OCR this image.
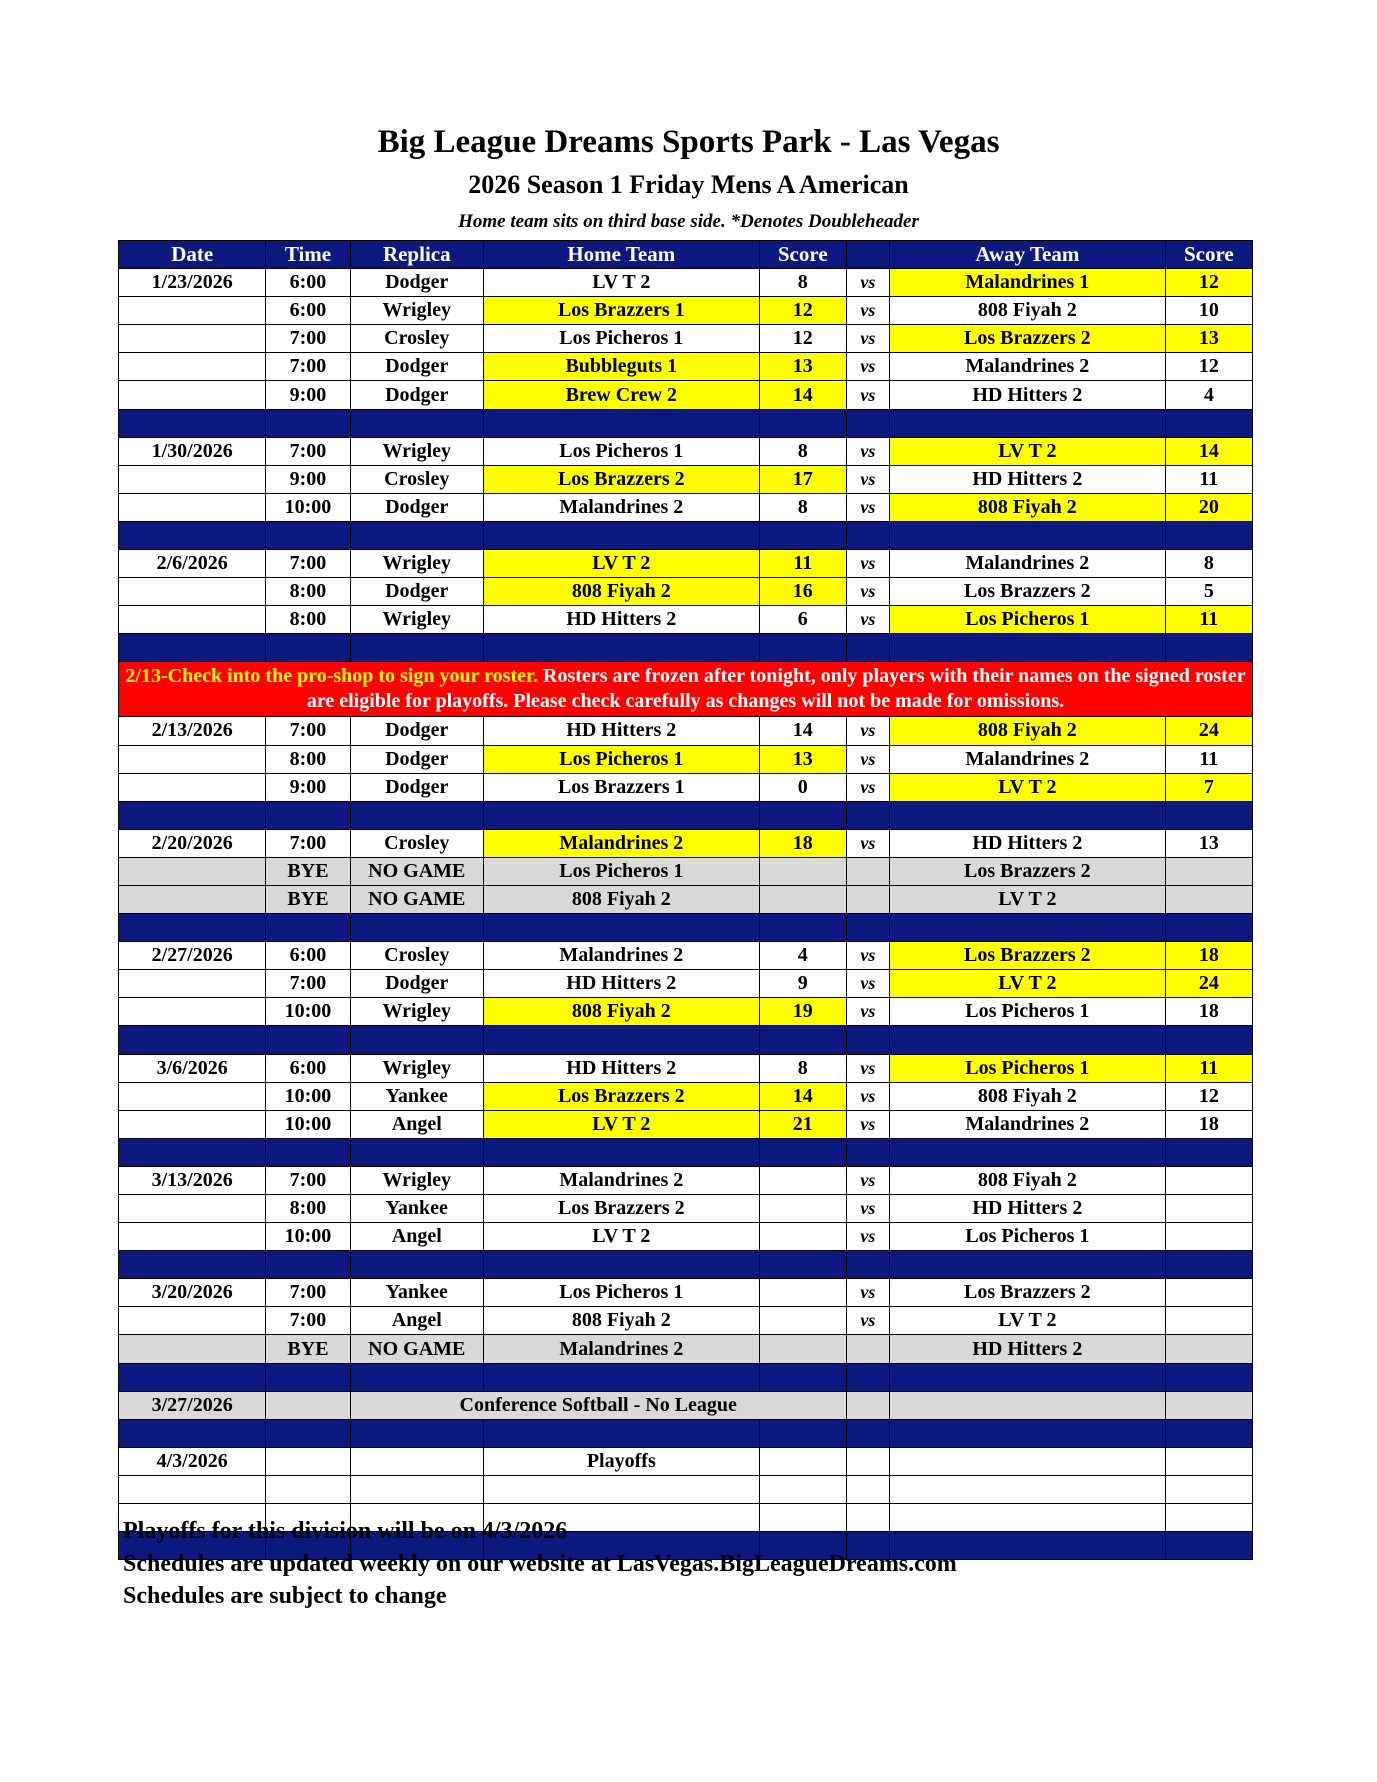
Big League Dreams Sports Park - Las Vegas
2026 Season 1 Friday Mens A American
Home team sits on third base side. *Denotes Doubleheader
Date	Time	Replica	Home Team	Score		Away Team	Score
1/23/2026	6:00	Dodger	LV T 2	8	vs	Malandrines 1	12
	6:00	Wrigley	Los Brazzers 1	12	vs	808 Fiyah 2	10
	7:00	Crosley	Los Picheros 1	12	vs	Los Brazzers 2	13
	7:00	Dodger	Bubbleguts 1	13	vs	Malandrines 2	12
	9:00	Dodger	Brew Crew 2	14	vs	HD Hitters 2	4

1/30/2026	7:00	Wrigley	Los Picheros 1	8	vs	LV T 2	14
	9:00	Crosley	Los Brazzers 2	17	vs	HD Hitters 2	11
	10:00	Dodger	Malandrines 2	8	vs	808 Fiyah 2	20

2/6/2026	7:00	Wrigley	LV T 2	11	vs	Malandrines 2	8
	8:00	Dodger	808 Fiyah 2	16	vs	Los Brazzers 2	5
	8:00	Wrigley	HD Hitters 2	6	vs	Los Picheros 1	11

2/13-Check into the pro-shop to sign your roster. Rosters are frozen after tonight, only players with their names on the signed roster are eligible for playoffs. Please check carefully as changes will not be made for omissions.							
2/13/2026	7:00	Dodger	HD Hitters 2	14	vs	808 Fiyah 2	24
	8:00	Dodger	Los Picheros 1	13	vs	Malandrines 2	11
	9:00	Dodger	Los Brazzers 1	0	vs	LV T 2	7

2/20/2026	7:00	Crosley	Malandrines 2	18	vs	HD Hitters 2	13
	BYE	NO GAME	Los Picheros 1			Los Brazzers 2	
	BYE	NO GAME	808 Fiyah 2			LV T 2	

2/27/2026	6:00	Crosley	Malandrines 2	4	vs	Los Brazzers 2	18
	7:00	Dodger	HD Hitters 2	9	vs	LV T 2	24
	10:00	Wrigley	808 Fiyah 2	19	vs	Los Picheros 1	18

3/6/2026	6:00	Wrigley	HD Hitters 2	8	vs	Los Picheros 1	11
	10:00	Yankee	Los Brazzers 2	14	vs	808 Fiyah 2	12
	10:00	Angel	LV T 2	21	vs	Malandrines 2	18

3/13/2026	7:00	Wrigley	Malandrines 2		vs	808 Fiyah 2	
	8:00	Yankee	Los Brazzers 2		vs	HD Hitters 2	
	10:00	Angel	LV T 2		vs	Los Picheros 1	

3/20/2026	7:00	Yankee	Los Picheros 1		vs	Los Brazzers 2	
	7:00	Angel	808 Fiyah 2		vs	LV T 2	
	BYE	NO GAME	Malandrines 2			HD Hitters 2	

3/27/2026		Conference Softball - No League					

4/3/2026			Playoffs				

Playoffs for this division will be on 4/3/2026
Schedules are updated weekly on our website at LasVegas.BigLeagueDreams.com
Schedules are subject to change
